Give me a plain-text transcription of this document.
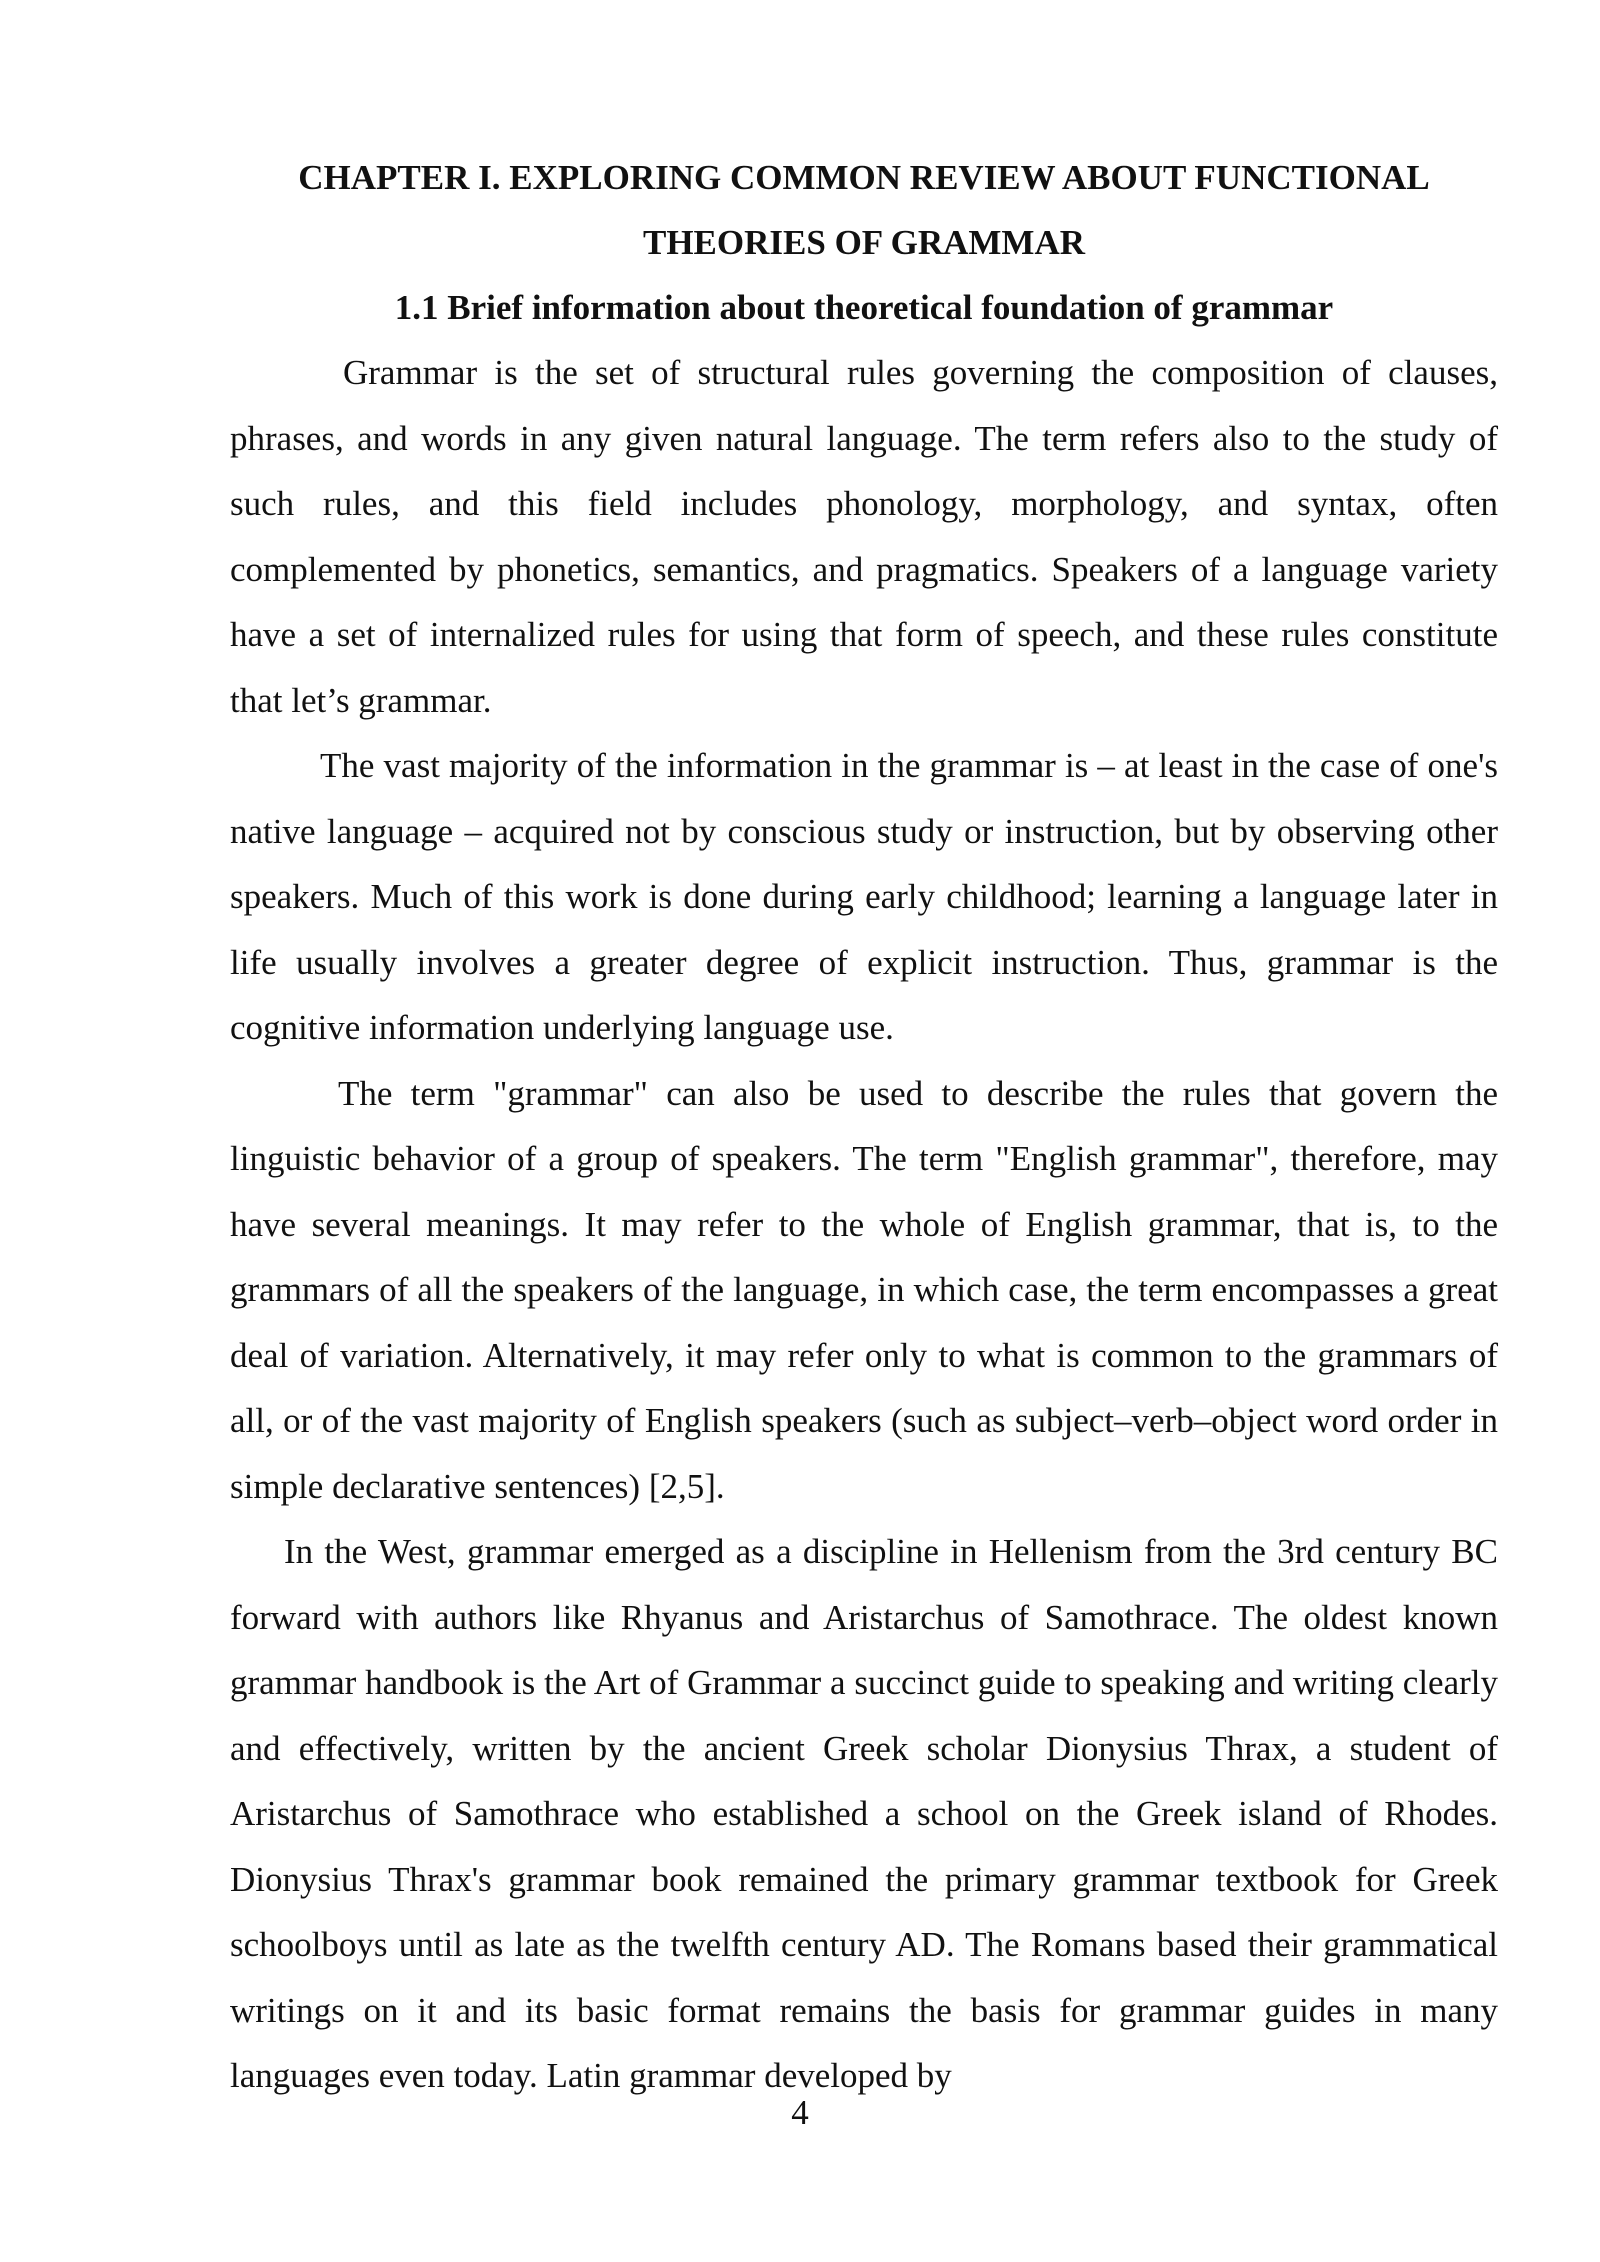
CHAPTER I. EXPLORING COMMON REVIEW ABOUT FUNCTIONAL
THEORIES OF GRAMMAR
1.1 Brief information about theoretical foundation of grammar

Grammar is the set of structural rules governing the composition of clauses, phrases, and words in any given natural language. The term refers also to the study of such rules, and this field includes phonology, morphology, and syntax, often complemented by phonetics, semantics, and pragmatics. Speakers of a language variety have a set of internalized rules for using that form of speech, and these rules constitute that let’s grammar.

The vast majority of the information in the grammar is – at least in the case of one's native language – acquired not by conscious study or instruction, but by observing other speakers. Much of this work is done during early childhood; learning a language later in life usually involves a greater degree of explicit instruction. Thus, grammar is the cognitive information underlying language use.

The term "grammar" can also be used to describe the rules that govern the linguistic behavior of a group of speakers. The term "English grammar", therefore, may have several meanings. It may refer to the whole of English grammar, that is, to the grammars of all the speakers of the language, in which case, the term encompasses a great deal of variation. Alternatively, it may refer only to what is common to the grammars of all, or of the vast majority of English speakers (such as subject–verb–object word order in simple declarative sentences) [2,5].

In the West, grammar emerged as a discipline in Hellenism from the 3rd century BC forward with authors like Rhyanus and Aristarchus of Samothrace. The oldest known grammar handbook is the Art of Grammar a succinct guide to speaking and writing clearly and effectively, written by the ancient Greek scholar Dionysius Thrax, a student of Aristarchus of Samothrace who established a school on the Greek island of Rhodes. Dionysius Thrax's grammar book remained the primary grammar textbook for Greek schoolboys until as late as the twelfth century AD. The Romans based their grammatical writings on it and its basic format remains the basis for grammar guides in many languages even today. Latin grammar developed by

4
